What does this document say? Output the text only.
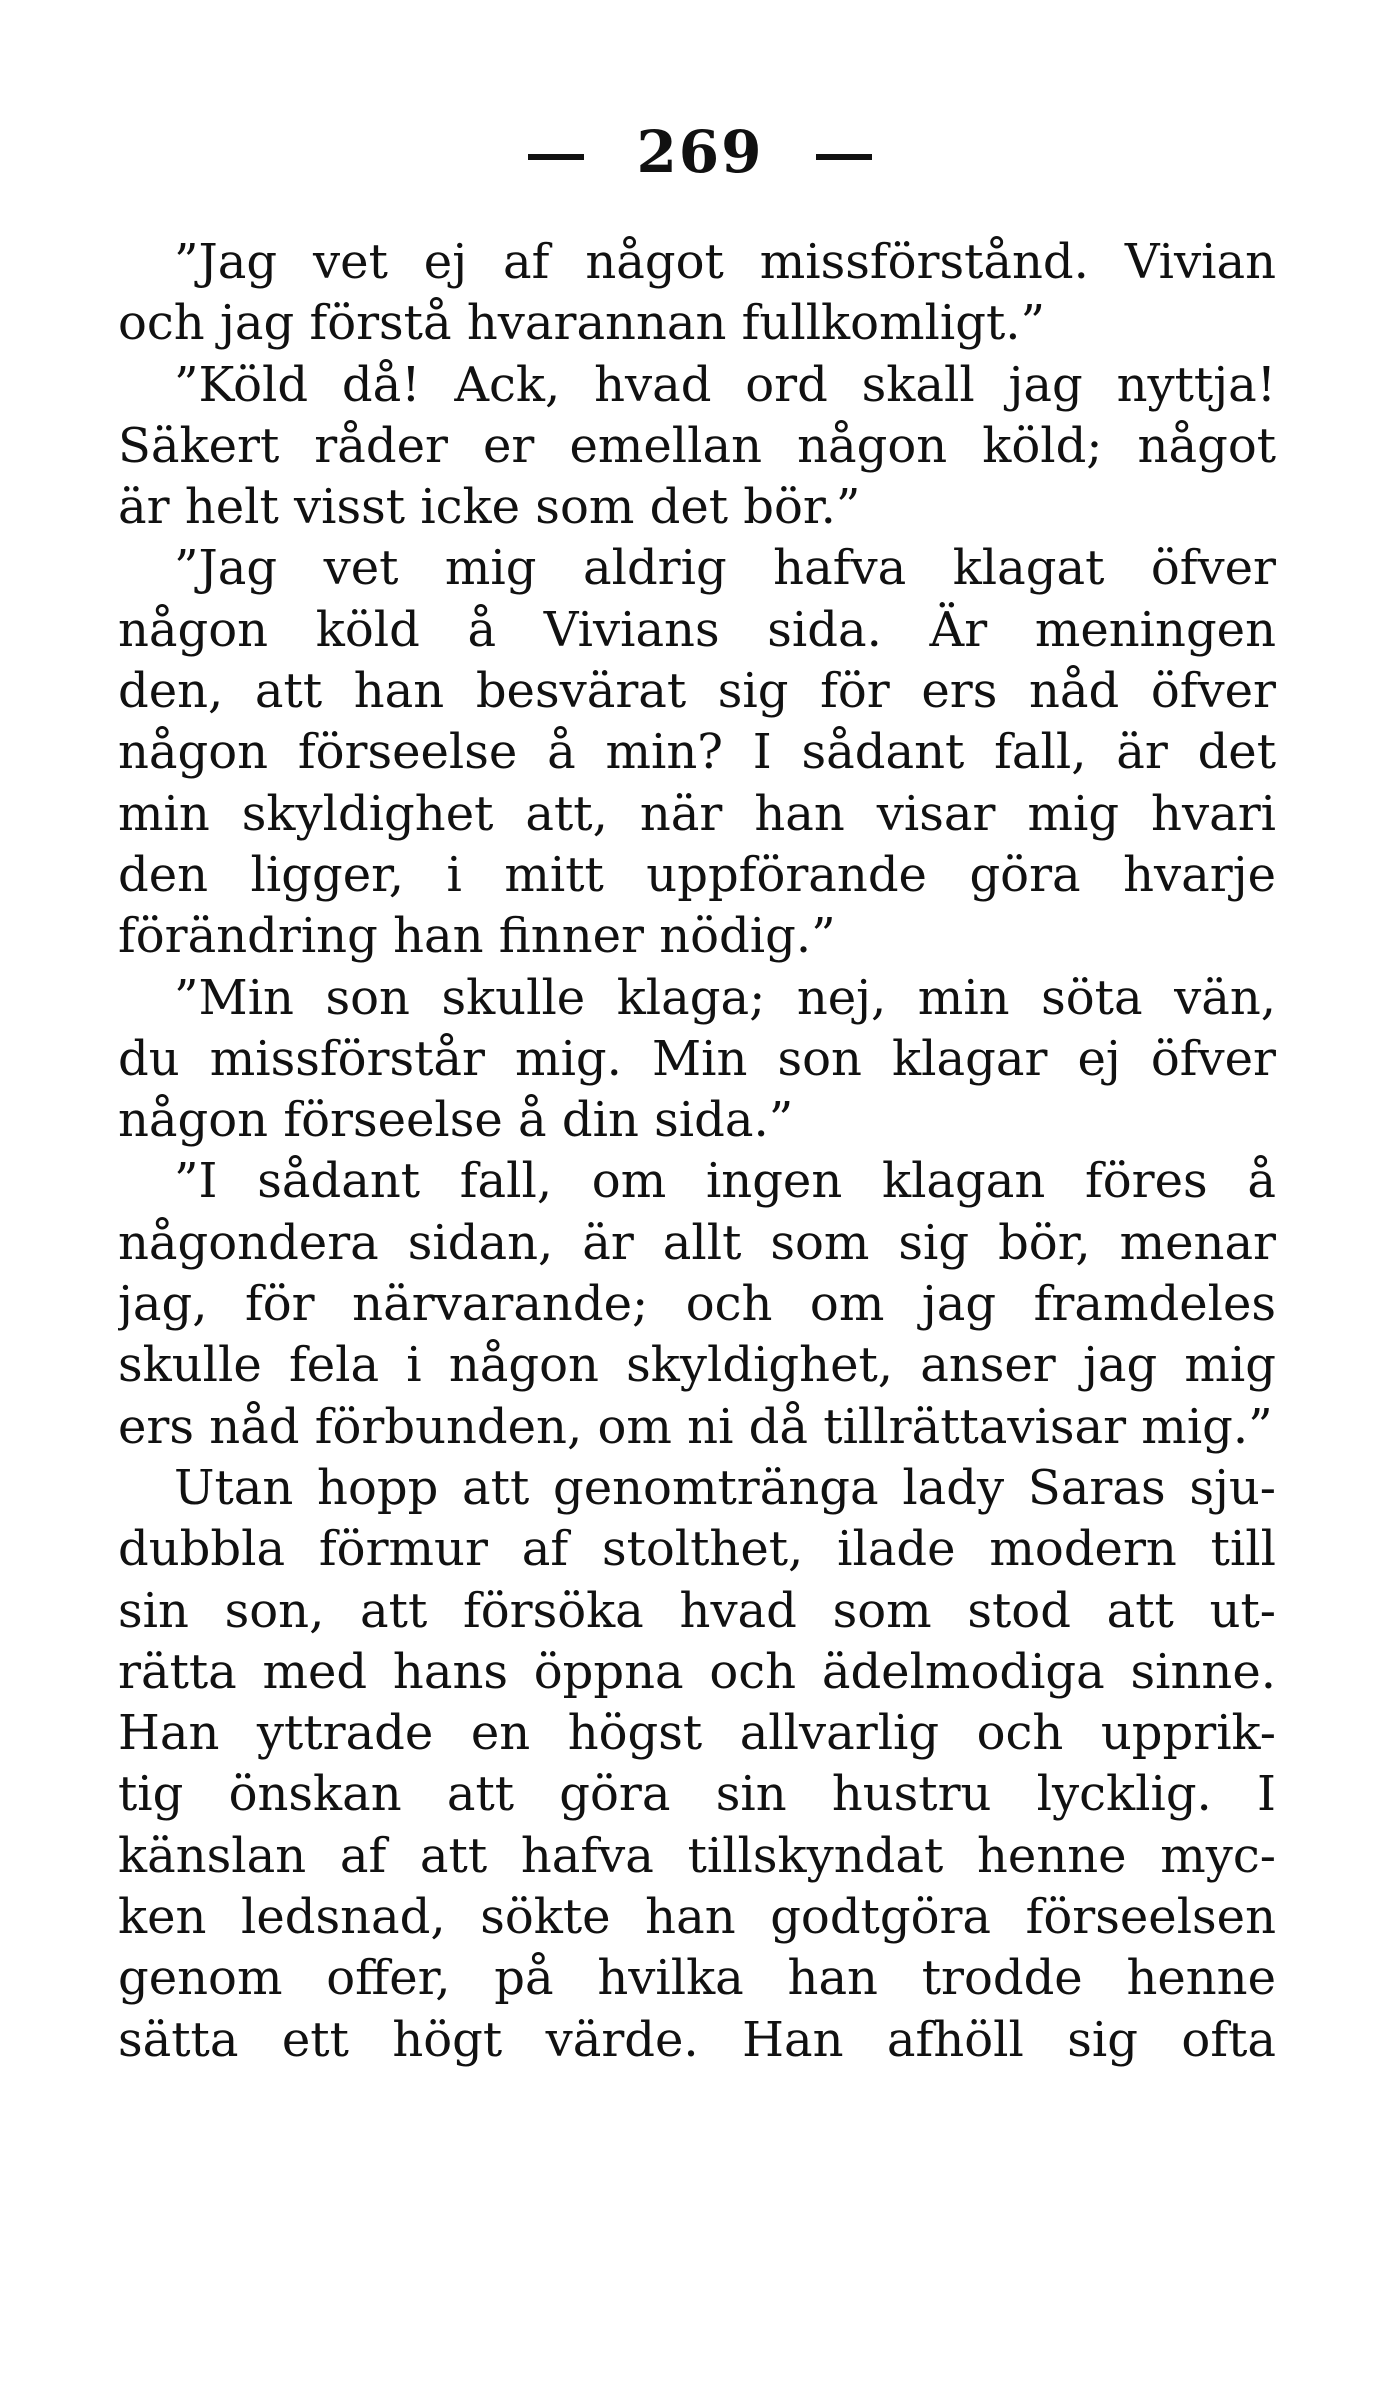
269
”Jag vet ej af något missförstånd. Vivian
och jag förstå hvarannan fullkomligt.”
”Köld då! Ack, hvad ord skall jag nyttja!
Säkert råder er emellan någon köld; något
är helt visst icke som det bör.”
”Jag vet mig aldrig hafva klagat öfver
någon köld å Vivians sida. Är meningen
den, att han besvärat sig för ers nåd öfver
någon förseelse å min? I sådant fall, är det
min skyldighet att, när han visar mig hvari
den ligger, i mitt uppförande göra hvarje
förändring han finner nödig.”
”Min son skulle klaga; nej, min söta vän,
du missförstår mig. Min son klagar ej öfver
någon förseelse å din sida.”
”I sådant fall, om ingen klagan föres å
någondera sidan, är allt som sig bör, menar
jag, för närvarande; och om jag framdeles
skulle fela i någon skyldighet, anser jag mig
ers nåd förbunden, om ni då tillrättavisar mig.”
Utan hopp att genomtränga lady Saras sju-
dubbla förmur af stolthet, ilade modern till
sin son, att försöka hvad som stod att ut-
rätta med hans öppna och ädelmodiga sinne.
Han yttrade en högst allvarlig och upprik-
tig önskan att göra sin hustru lycklig. I
känslan af att hafva tillskyndat henne myc-
ken ledsnad, sökte han godtgöra förseelsen
genom offer, på hvilka han trodde henne
sätta ett högt värde. Han afhöll sig ofta
